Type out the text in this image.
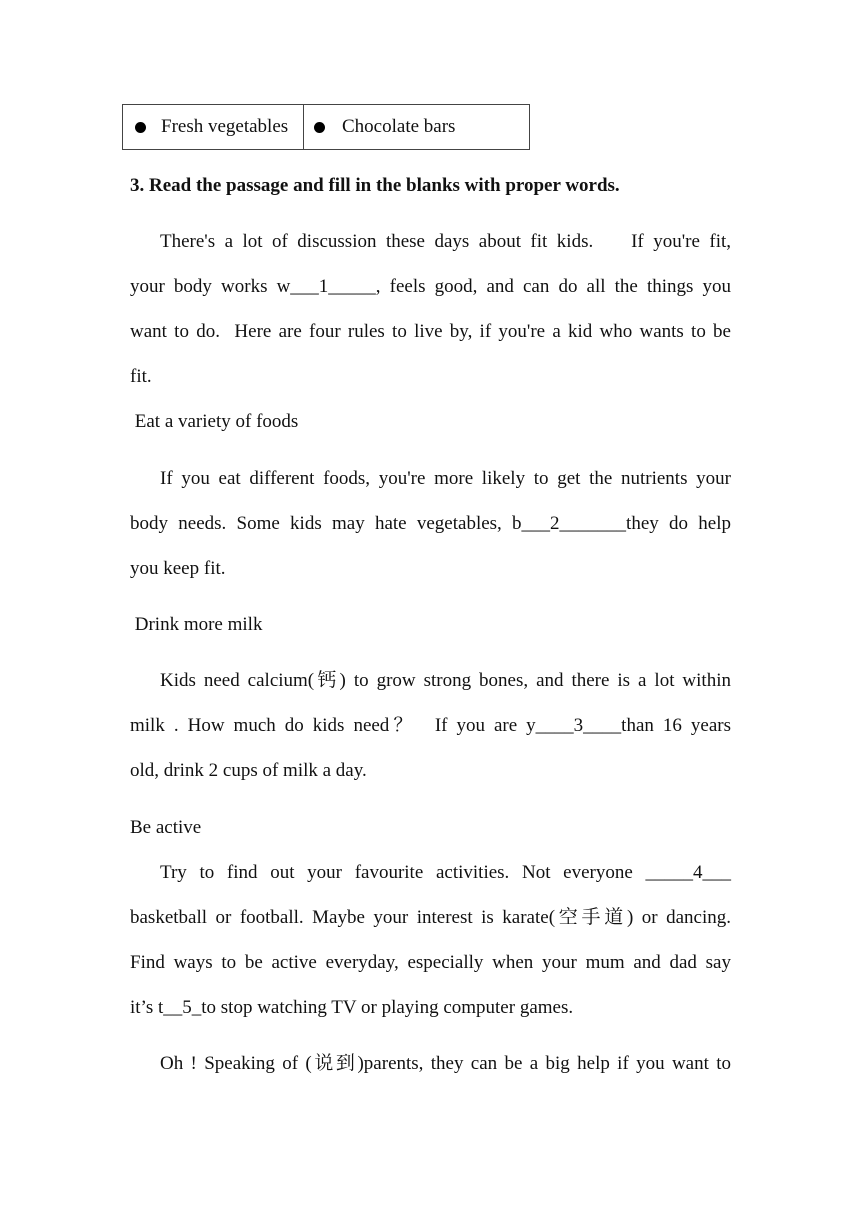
Fresh vegetables	Chocolate bars
3. Read the passage and fill in the blanks with proper words.
There's a lot of discussion these days about fit kids.    If you're fit,
your body works w___1_____, feels good, and can do all the things you
want to do.  Here are four rules to live by, if you're a kid who wants to be
fit.
Eat a variety of foods
If you eat different foods, you're more likely to get the nutrients your
body needs. Some kids may hate vegetables, b___2_______they do help
you keep fit.
Drink more milk
Kids need calcium(钙) to grow strong bones, and there is a lot within
milk . How much do kids need？  If you are y____3____than 16 years
old, drink 2 cups of milk a day.
Be active
Try to find out your favourite activities. Not everyone _____4___
basketball or football. Maybe your interest is karate(空手道) or dancing.
Find ways to be active everyday, especially when your mum and dad say
it’s t__5_to stop watching TV or playing computer games.
Oh ! Speaking of (说到)parents, they can be a big help if you want to
